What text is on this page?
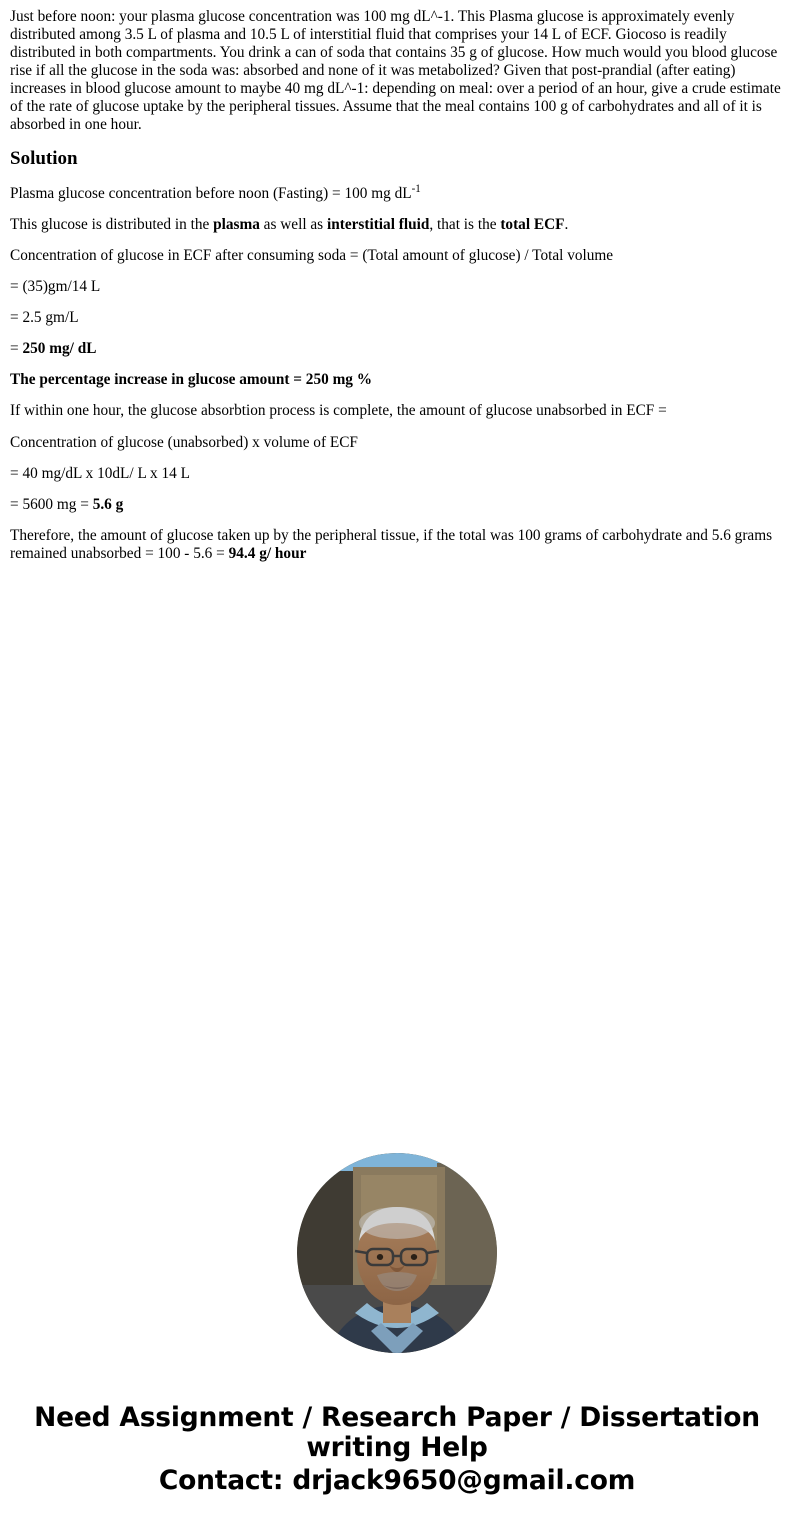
Just before noon: your plasma glucose concentration was 100 mg dL^-1. This Plasma glucose is approximately evenly distributed among 3.5 L of plasma and 10.5 L of interstitial fluid that comprises your 14 L of ECF. Giocoso is readily distributed in both compartments. You drink a can of soda that contains 35 g of glucose. How much would you blood glucose rise if all the glucose in the soda was: absorbed and none of it was metabolized? Given that post-prandial (after eating) increases in blood glucose amount to maybe 40 mg dL^-1: depending on meal: over a period of an hour, give a crude estimate of the rate of glucose uptake by the peripheral tissues. Assume that the meal contains 100 g of carbohydrates and all of it is absorbed in one hour.

Solution

Plasma glucose concentration before noon (Fasting) = 100 mg $dL^{-1}$

This glucose is distributed in the plasma as well as interstitial fluid, that is the total ECF.

Concentration of glucose in ECF after consuming soda = (Total amount of glucose) / Total volume

= (35)gm/14 L

= 2.5 gm/L

= 250 mg/ dL

The percentage increase in glucose amount = 250 mg %

If within one hour, the glucose absorbtion process is complete, the amount of glucose unabsorbed in ECF =

Concentration of glucose (unabsorbed) x volume of ECF

= 40 mg/dL x 10dL/ L x 14 L

= 5600 mg = 5.6 g

Therefore, the amount of glucose taken up by the peripheral tissue, if the total was 100 grams of carbohydrate and 5.6 grams remained unabsorbed = 100 - 5.6 = 94.4 g/ hour

Need Assignment / Research Paper / Dissertation
writing Help
Contact: drjack9650@gmail.com
